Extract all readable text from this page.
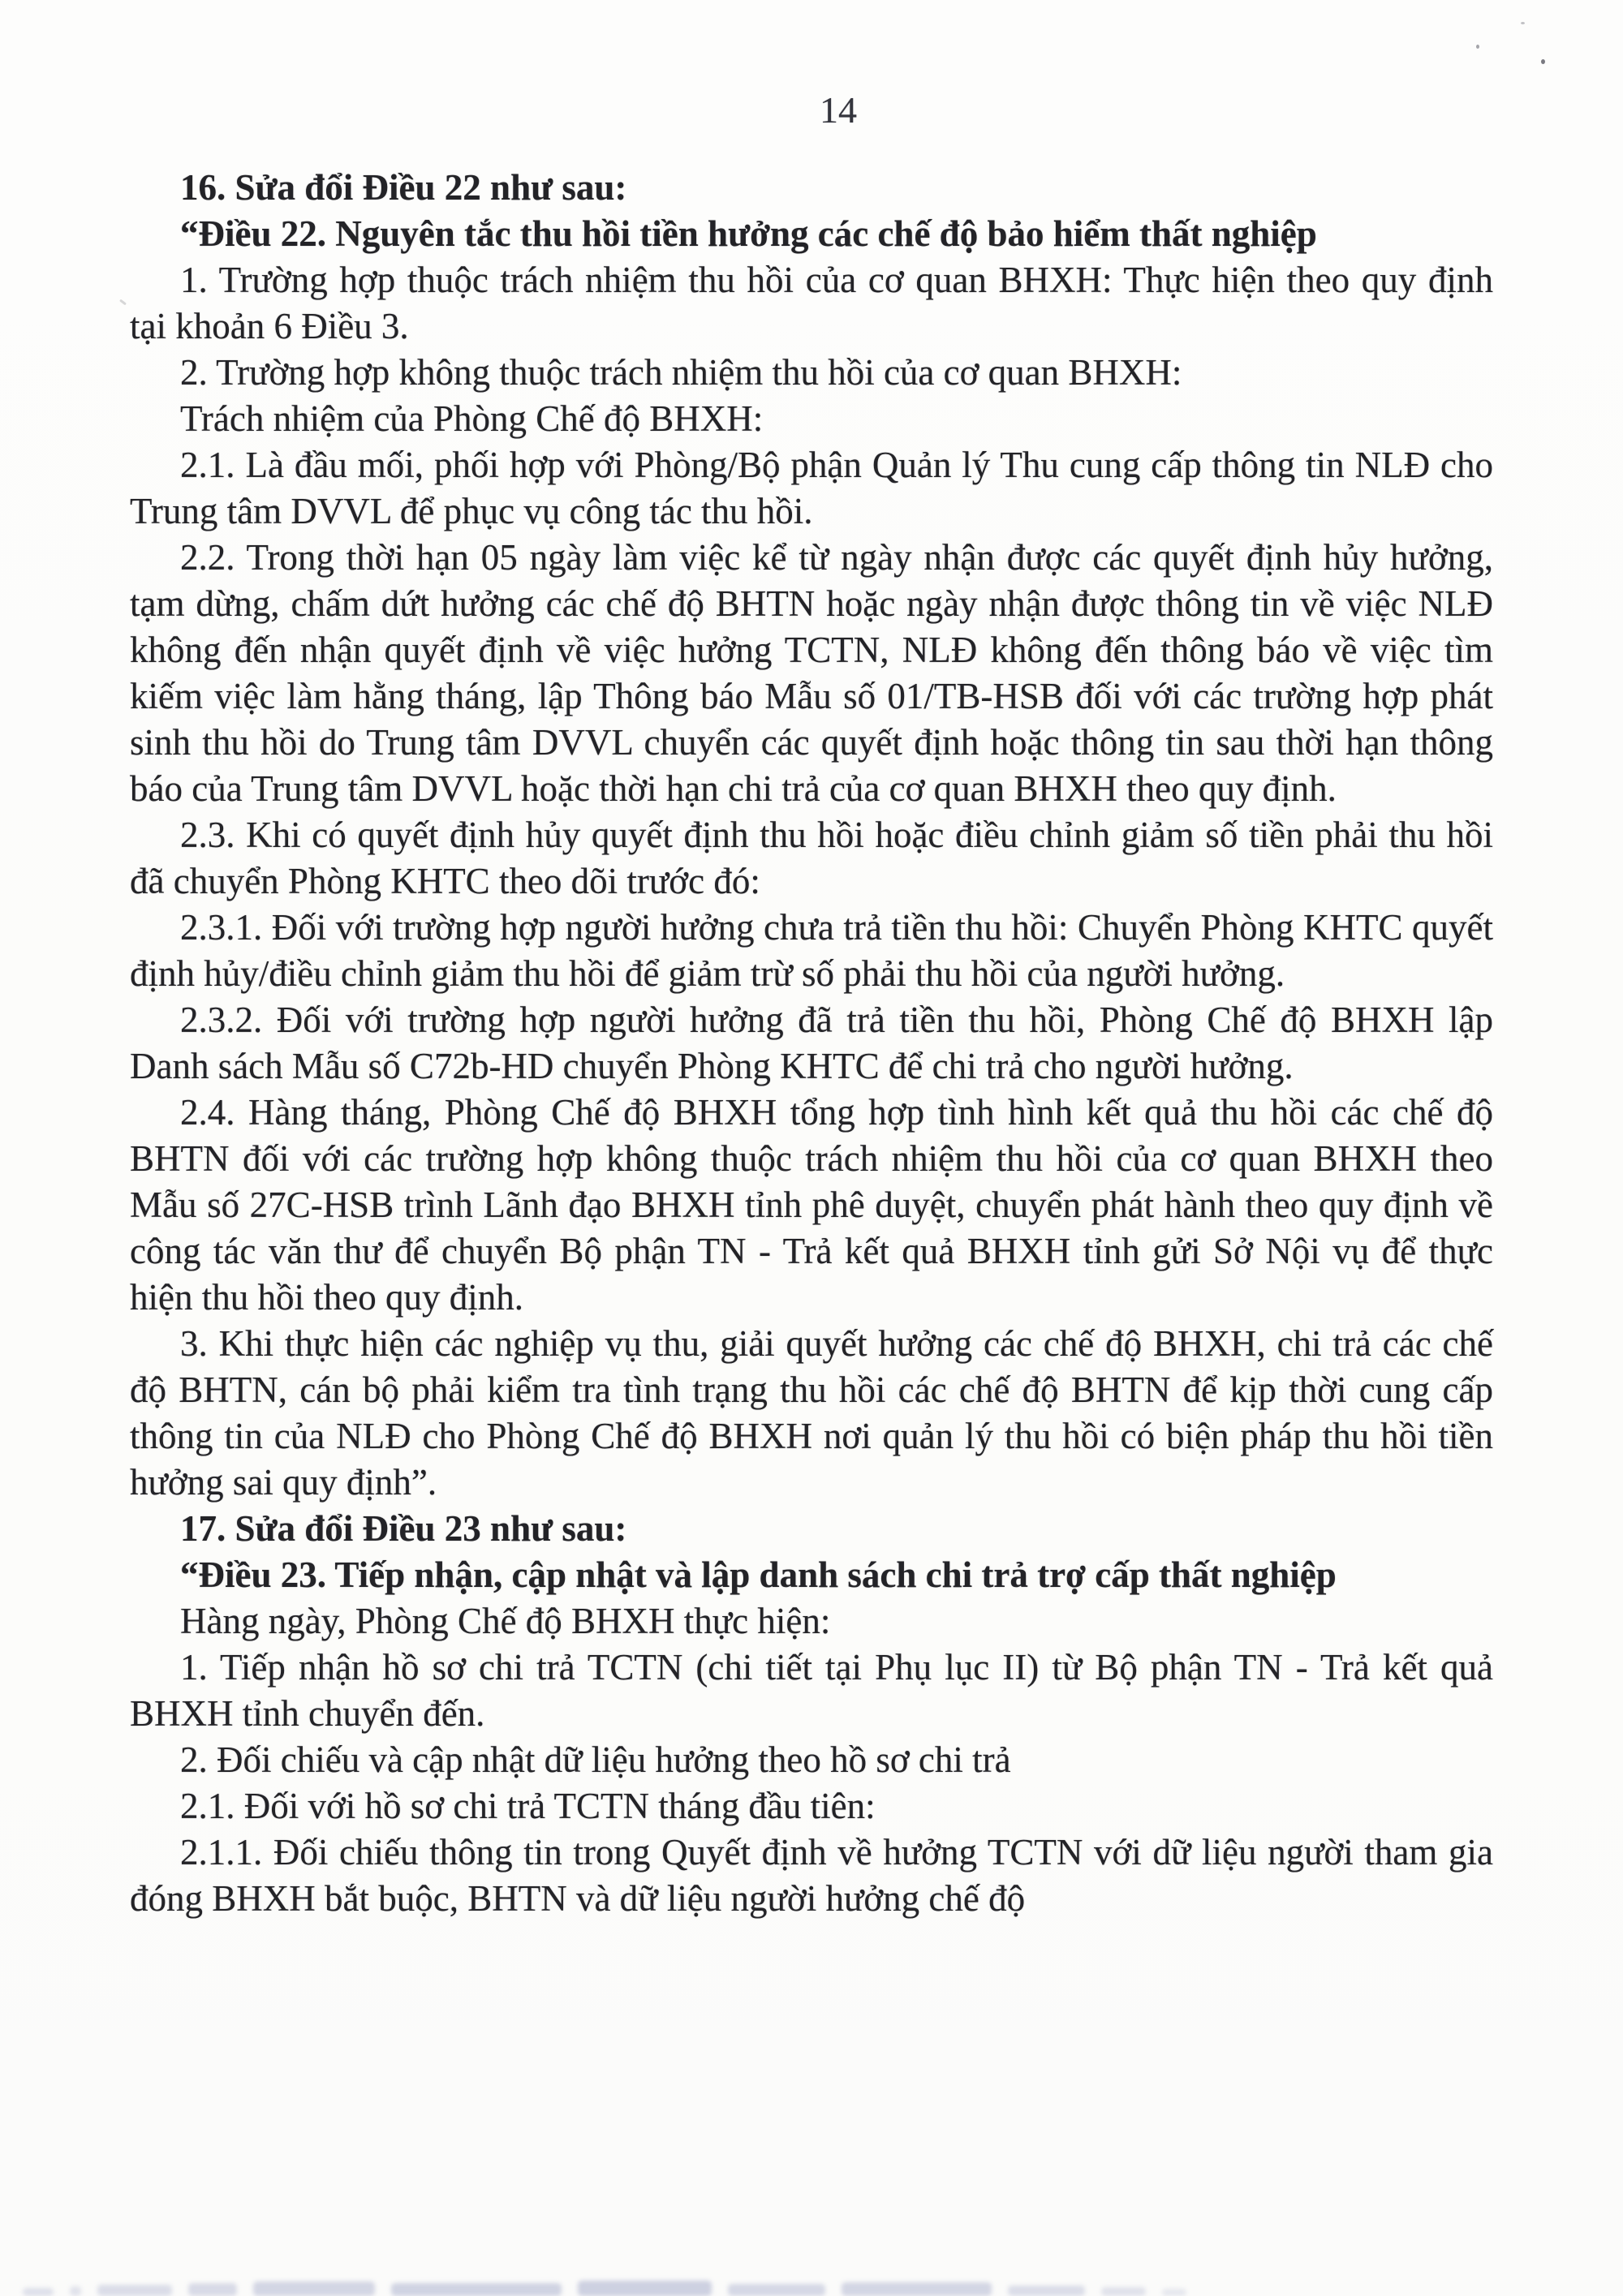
14

16. Sửa đổi Điều 22 như sau:

“Điều 22. Nguyên tắc thu hồi tiền hưởng các chế độ bảo hiểm thất nghiệp

1. Trường hợp thuộc trách nhiệm thu hồi của cơ quan BHXH: Thực hiện theo quy định tại khoản 6 Điều 3.

2. Trường hợp không thuộc trách nhiệm thu hồi của cơ quan BHXH:

Trách nhiệm của Phòng Chế độ BHXH:

2.1. Là đầu mối, phối hợp với Phòng/Bộ phận Quản lý Thu cung cấp thông tin NLĐ cho Trung tâm DVVL để phục vụ công tác thu hồi.

2.2. Trong thời hạn 05 ngày làm việc kể từ ngày nhận được các quyết định hủy hưởng, tạm dừng, chấm dứt hưởng các chế độ BHTN hoặc ngày nhận được thông tin về việc NLĐ không đến nhận quyết định về việc hưởng TCTN, NLĐ không đến thông báo về việc tìm kiếm việc làm hằng tháng, lập Thông báo Mẫu số 01/TB-HSB đối với các trường hợp phát sinh thu hồi do Trung tâm DVVL chuyển các quyết định hoặc thông tin sau thời hạn thông báo của Trung tâm DVVL hoặc thời hạn chi trả của cơ quan BHXH theo quy định.

2.3. Khi có quyết định hủy quyết định thu hồi hoặc điều chỉnh giảm số tiền phải thu hồi đã chuyển Phòng KHTC theo dõi trước đó:

2.3.1. Đối với trường hợp người hưởng chưa trả tiền thu hồi: Chuyển Phòng KHTC quyết định hủy/điều chỉnh giảm thu hồi để giảm trừ số phải thu hồi của người hưởng.

2.3.2. Đối với trường hợp người hưởng đã trả tiền thu hồi, Phòng Chế độ BHXH lập Danh sách Mẫu số C72b-HD chuyển Phòng KHTC để chi trả cho người hưởng.

2.4. Hàng tháng, Phòng Chế độ BHXH tổng hợp tình hình kết quả thu hồi các chế độ BHTN đối với các trường hợp không thuộc trách nhiệm thu hồi của cơ quan BHXH theo Mẫu số 27C-HSB trình Lãnh đạo BHXH tỉnh phê duyệt, chuyển phát hành theo quy định về công tác văn thư để chuyển Bộ phận TN - Trả kết quả BHXH tỉnh gửi Sở Nội vụ để thực hiện thu hồi theo quy định.

3. Khi thực hiện các nghiệp vụ thu, giải quyết hưởng các chế độ BHXH, chi trả các chế độ BHTN, cán bộ phải kiểm tra tình trạng thu hồi các chế độ BHTN để kịp thời cung cấp thông tin của NLĐ cho Phòng Chế độ BHXH nơi quản lý thu hồi có biện pháp thu hồi tiền hưởng sai quy định”.

17. Sửa đổi Điều 23 như sau:

“Điều 23. Tiếp nhận, cập nhật và lập danh sách chi trả trợ cấp thất nghiệp

Hàng ngày, Phòng Chế độ BHXH thực hiện:

1. Tiếp nhận hồ sơ chi trả TCTN (chi tiết tại Phụ lục II) từ Bộ phận TN - Trả kết quả BHXH tỉnh chuyển đến.

2. Đối chiếu và cập nhật dữ liệu hưởng theo hồ sơ chi trả

2.1. Đối với hồ sơ chi trả TCTN tháng đầu tiên:

2.1.1. Đối chiếu thông tin trong Quyết định về hưởng TCTN với dữ liệu người tham gia đóng BHXH bắt buộc, BHTN và dữ liệu người hưởng chế độ
